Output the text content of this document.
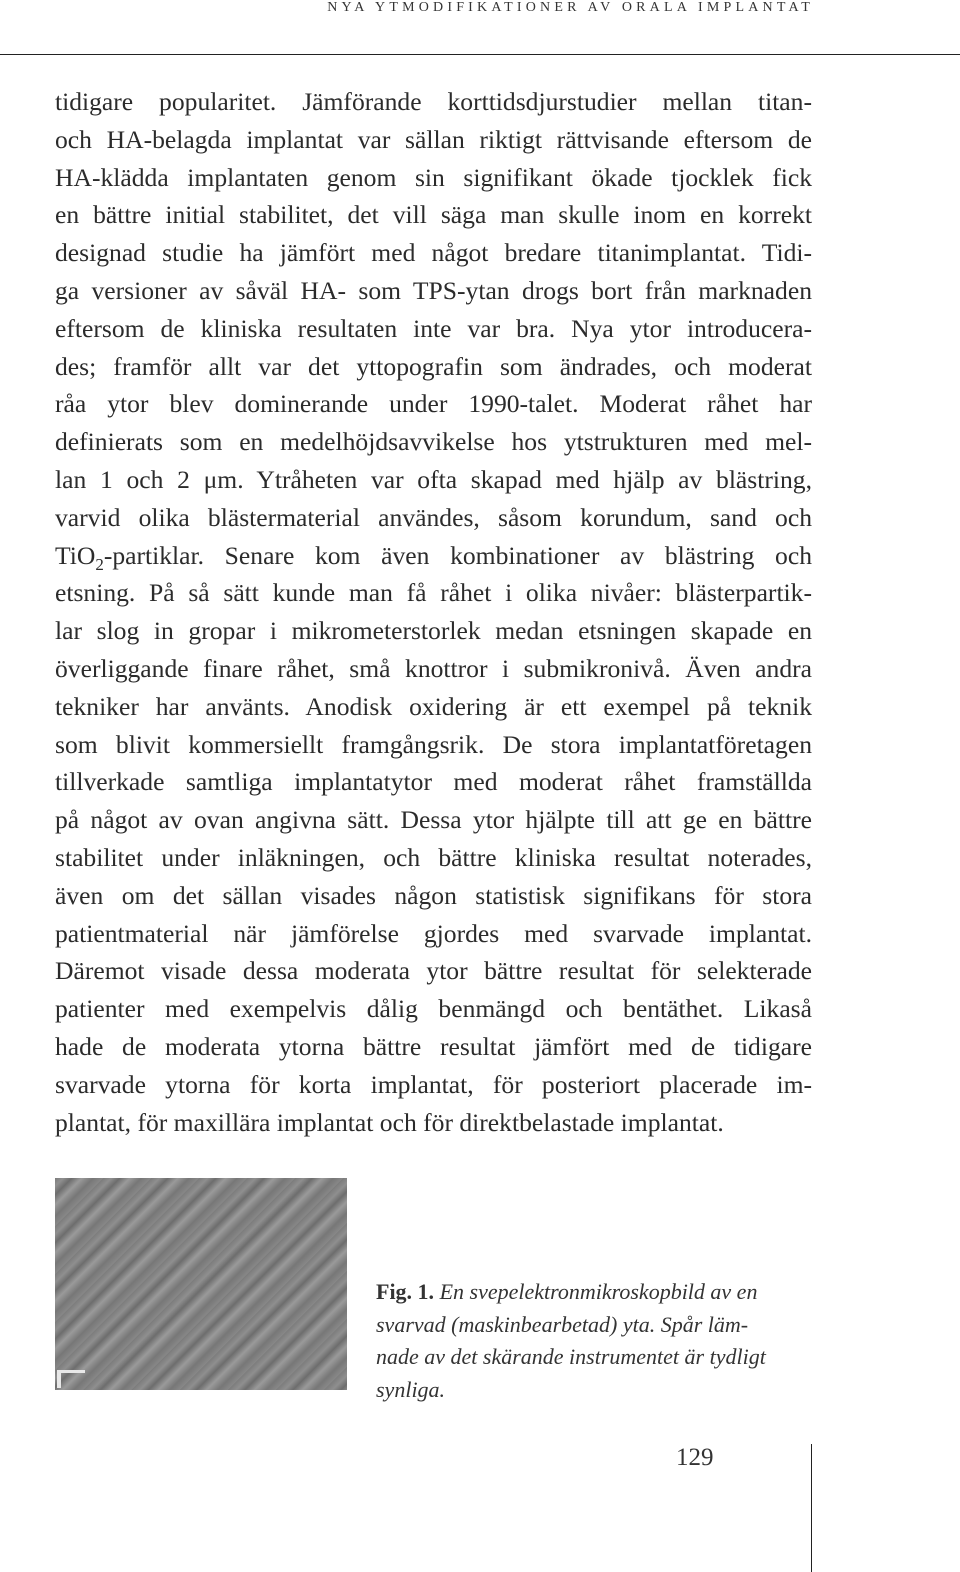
NYA YTMODIFIKATIONER AV ORALA IMPLANTAT
tidigare popularitet. Jämförande korttidsdjurstudier mellan titan-
och HA-belagda implantat var sällan riktigt rättvisande eftersom de
HA-klädda implantaten genom sin signifikant ökade tjocklek fick
en bättre initial stabilitet, det vill säga man skulle inom en korrekt
designad studie ha jämfört med något bredare titanimplantat. Tidi-
ga versioner av såväl HA- som TPS-ytan drogs bort från marknaden
eftersom de kliniska resultaten inte var bra. Nya ytor introducera-
des; framför allt var det yttopografin som ändrades, och moderat
råa ytor blev dominerande under 1990-talet. Moderat råhet har
definierats som en medelhöjdsavvikelse hos ytstrukturen med mel-
lan 1 och 2 μm. Ytråheten var ofta skapad med hjälp av blästring,
varvid olika blästermaterial användes, såsom korundum, sand och
TiO$_2$-partiklar. Senare kom även kombinationer av blästring och
etsning. På så sätt kunde man få råhet i olika nivåer: blästerpartik-
lar slog in gropar i mikrometerstorlek medan etsningen skapade en
överliggande finare råhet, små knottror i submikronivå. Även andra
tekniker har använts. Anodisk oxidering är ett exempel på teknik
som blivit kommersiellt framgångsrik. De stora implantatföretagen
tillverkade samtliga implantatytor med moderat råhet framställda
på något av ovan angivna sätt. Dessa ytor hjälpte till att ge en bättre
stabilitet under inläkningen, och bättre kliniska resultat noterades,
även om det sällan visades någon statistisk signifikans för stora
patientmaterial när jämförelse gjordes med svarvade implantat.
Däremot visade dessa moderata ytor bättre resultat för selekterade
patienter med exempelvis dålig benmängd och bentäthet. Likaså
hade de moderata ytorna bättre resultat jämfört med de tidigare
svarvade ytorna för korta implantat, för posteriort placerade im-
plantat, för maxillära implantat och för direktbelastade implantat.
Fig. 1. En svepelektronmikroskopbild av en
svarvad (maskinbearbetad) yta. Spår läm-
nade av det skärande instrumentet är tydligt
synliga.
129
